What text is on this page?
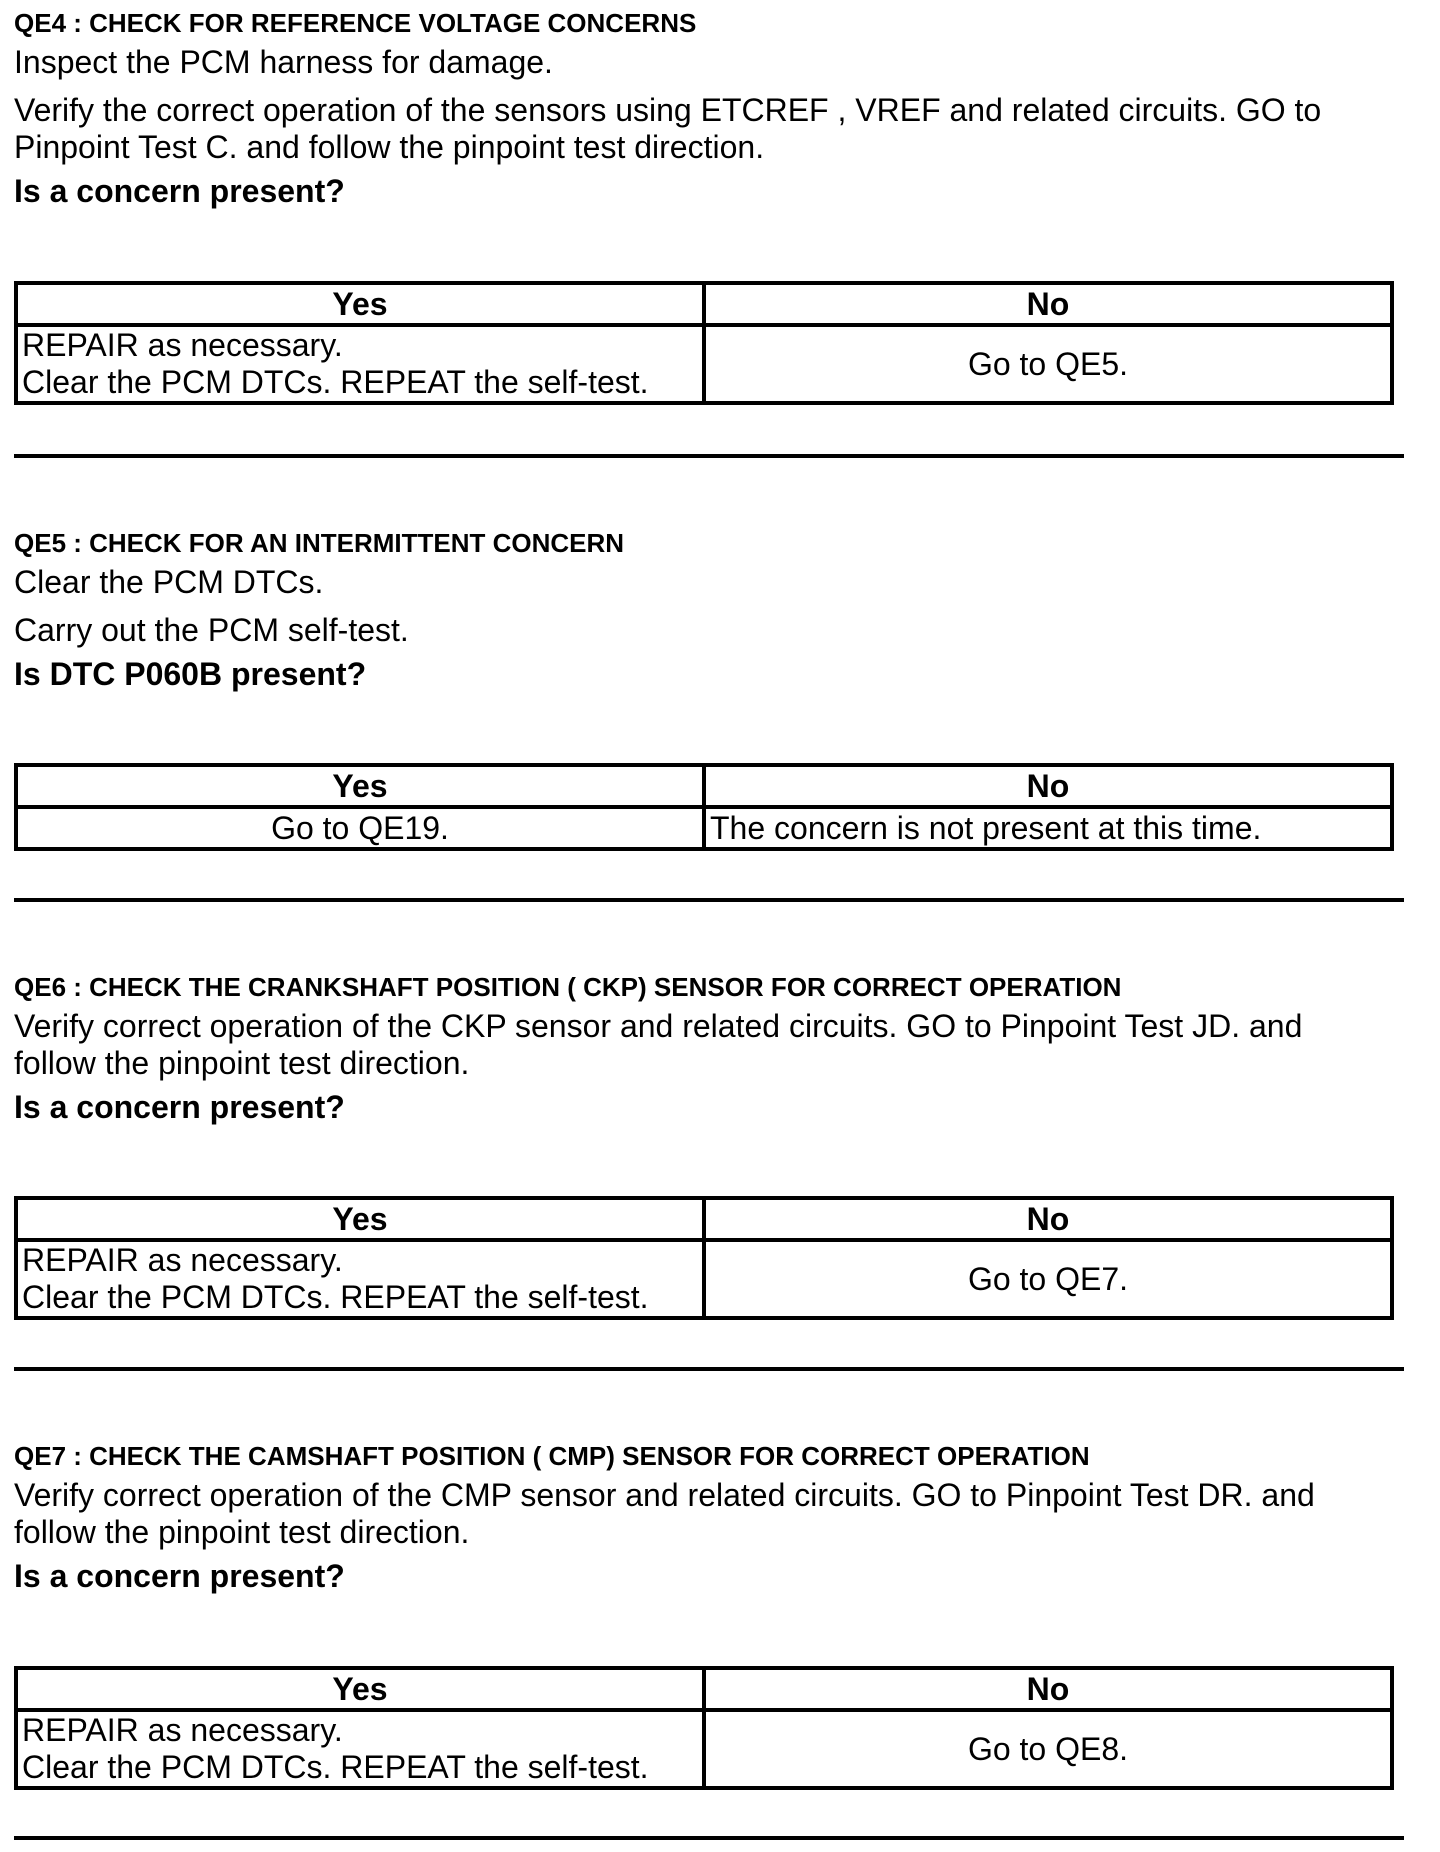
QE4 : CHECK FOR REFERENCE VOLTAGE CONCERNS

Inspect the PCM harness for damage.

Verify the correct operation of the sensors using ETCREF , VREF and related circuits. GO to
Pinpoint Test C. and follow the pinpoint test direction.

Is a concern present?

Yes	No

REPAIR as necessary.
Clear the PCM DTCs. REPEAT the self-test.	Go to QE5.

QE5 : CHECK FOR AN INTERMITTENT CONCERN

Clear the PCM DTCs.

Carry out the PCM self-test.

Is DTC P060B present?

Yes	No
Go to QE19.	The concern is not present at this time.

QE6 : CHECK THE CRANKSHAFT POSITION ( CKP) SENSOR FOR CORRECT OPERATION

Verify correct operation of the CKP sensor and related circuits. GO to Pinpoint Test JD. and
follow the pinpoint test direction.

Is a concern present?

Yes	No

REPAIR as necessary.
Clear the PCM DTCs. REPEAT the self-test.	Go to QE7.

QE7 : CHECK THE CAMSHAFT POSITION ( CMP) SENSOR FOR CORRECT OPERATION

Verify correct operation of the CMP sensor and related circuits. GO to Pinpoint Test DR. and
follow the pinpoint test direction.

Is a concern present?

Yes	No

REPAIR as necessary.
Clear the PCM DTCs. REPEAT the self-test.	Go to QE8.
